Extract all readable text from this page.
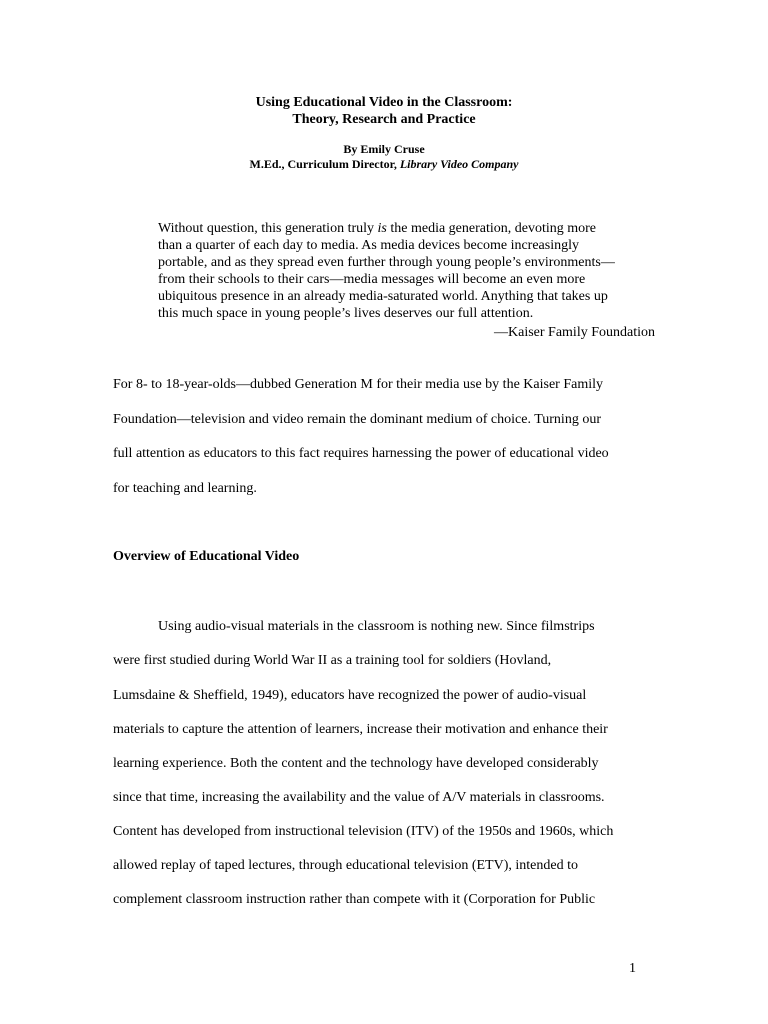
Using Educational Video in the Classroom:
Theory, Research and Practice
By Emily Cruse
M.Ed., Curriculum Director, Library Video Company
Without question, this generation truly is the media generation, devoting more
than a quarter of each day to media. As media devices become increasingly
portable, and as they spread even further through young people’s environments—
from their schools to their cars—media messages will become an even more
ubiquitous presence in an already media-saturated world. Anything that takes up
this much space in young people’s lives deserves our full attention.
—Kaiser Family Foundation
For 8- to 18-year-olds—dubbed Generation M for their media use by the Kaiser Family
Foundation—television and video remain the dominant medium of choice. Turning our
full attention as educators to this fact requires harnessing the power of educational video
for teaching and learning.
Overview of Educational Video
Using audio-visual materials in the classroom is nothing new. Since filmstrips
were first studied during World War II as a training tool for soldiers (Hovland,
Lumsdaine & Sheffield, 1949), educators have recognized the power of audio-visual
materials to capture the attention of learners, increase their motivation and enhance their
learning experience. Both the content and the technology have developed considerably
since that time, increasing the availability and the value of A/V materials in classrooms.
Content has developed from instructional television (ITV) of the 1950s and 1960s, which
allowed replay of taped lectures, through educational television (ETV), intended to
complement classroom instruction rather than compete with it (Corporation for Public
1
